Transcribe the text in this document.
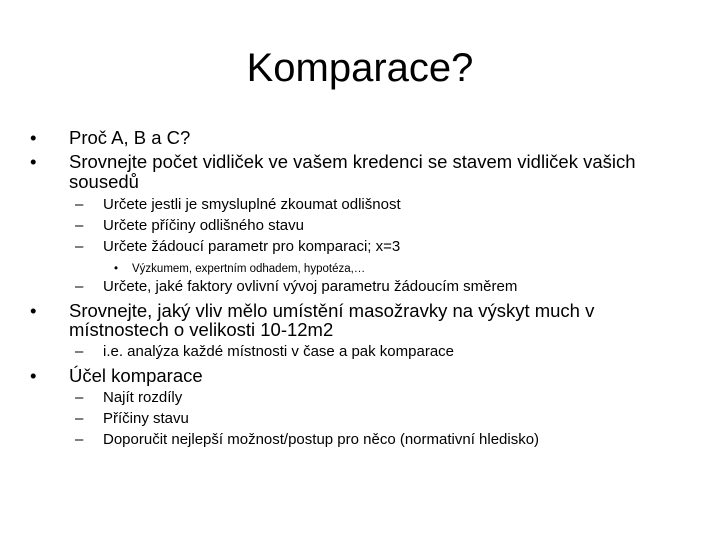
Komparace?
•	Proč A, B a C?
•	Srovnejte počet vidliček ve vašem kredenci se stavem vidliček vašich
sousedů
– Určete jestli je smysluplné zkoumat odlišnost
– Určete příčiny odlišného stavu
– Určete žádoucí parametr pro komparaci; x=3
• Výzkumem, expertním odhadem, hypotéza,…
– Určete, jaké faktory ovlivní vývoj parametru žádoucím směrem
•	Srovnejte, jaký vliv mělo umístění masožravky na výskyt much v
místnostech o velikosti 10-12m2
– i.e. analýza každé místnosti v čase a pak komparace
•	Účel komparace
– Najít rozdíly
– Příčiny stavu
– Doporučit nejlepší možnost/postup pro něco (normativní hledisko)
